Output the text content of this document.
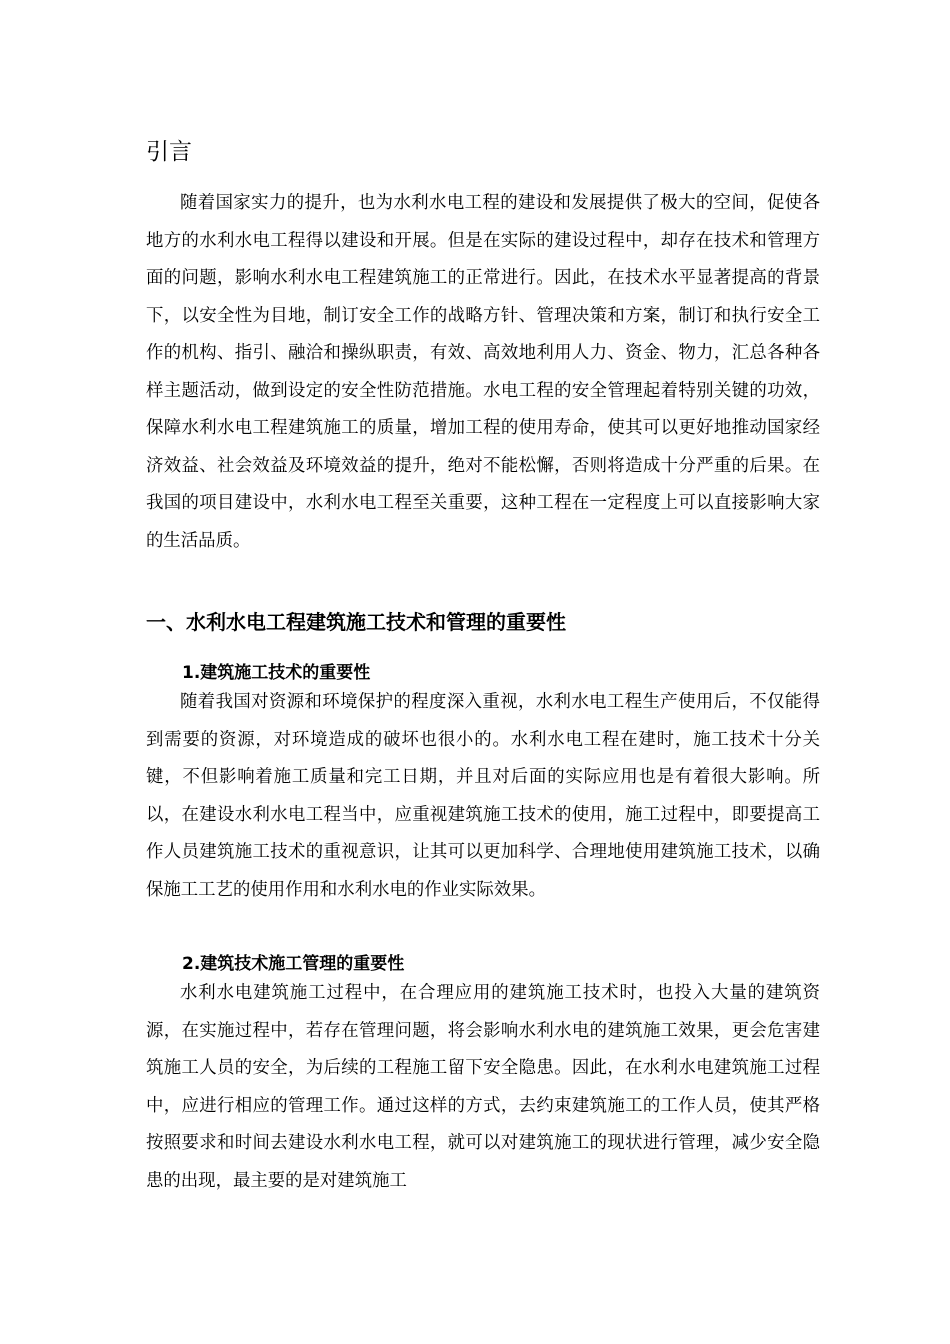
引言

随着国家实力的提升，也为水利水电工程的建设和发展提供了极大的空间，促使各地方的水利水电工程得以建设和开展。但是在实际的建设过程中，却存在技术和管理方面的问题，影响水利水电工程建筑施工的正常进行。因此，在技术水平显著提高的背景下，以安全性为目地，制订安全工作的战略方针、管理决策和方案，制订和执行安全工作的机构、指引、融洽和操纵职责，有效、高效地利用人力、资金、物力，汇总各种各样主题活动，做到设定的安全性防范措施。水电工程的安全管理起着特别关键的功效，保障水利水电工程建筑施工的质量，增加工程的使用寿命，使其可以更好地推动国家经济效益、社会效益及环境效益的提升，绝对不能松懈，否则将造成十分严重的后果。在我国的项目建设中，水利水电工程至关重要，这种工程在一定程度上可以直接影响大家的生活品质。

一、水利水电工程建筑施工技术和管理的重要性
1.建筑施工技术的重要性

随着我国对资源和环境保护的程度深入重视，水利水电工程生产使用后，不仅能得到需要的资源，对环境造成的破坏也很小的。水利水电工程在建时，施工技术十分关键，不但影响着施工质量和完工日期，并且对后面的实际应用也是有着很大影响。所以，在建设水利水电工程当中，应重视建筑施工技术的使用，施工过程中，即要提高工作人员建筑施工技术的重视意识，让其可以更加科学、合理地使用建筑施工技术，以确保施工工艺的使用作用和水利水电的作业实际效果。

2.建筑技术施工管理的重要性

水利水电建筑施工过程中，在合理应用的建筑施工技术时，也投入大量的建筑资源，在实施过程中，若存在管理问题，将会影响水利水电的建筑施工效果，更会危害建筑施工人员的安全，为后续的工程施工留下安全隐患。因此，在水利水电建筑施工过程中，应进行相应的管理工作。通过这样的方式，去约束建筑施工的工作人员，使其严格按照要求和时间去建设水利水电工程，就可以对建筑施工的现状进行管理，减少安全隐患的出现，最主要的是对建筑施工
